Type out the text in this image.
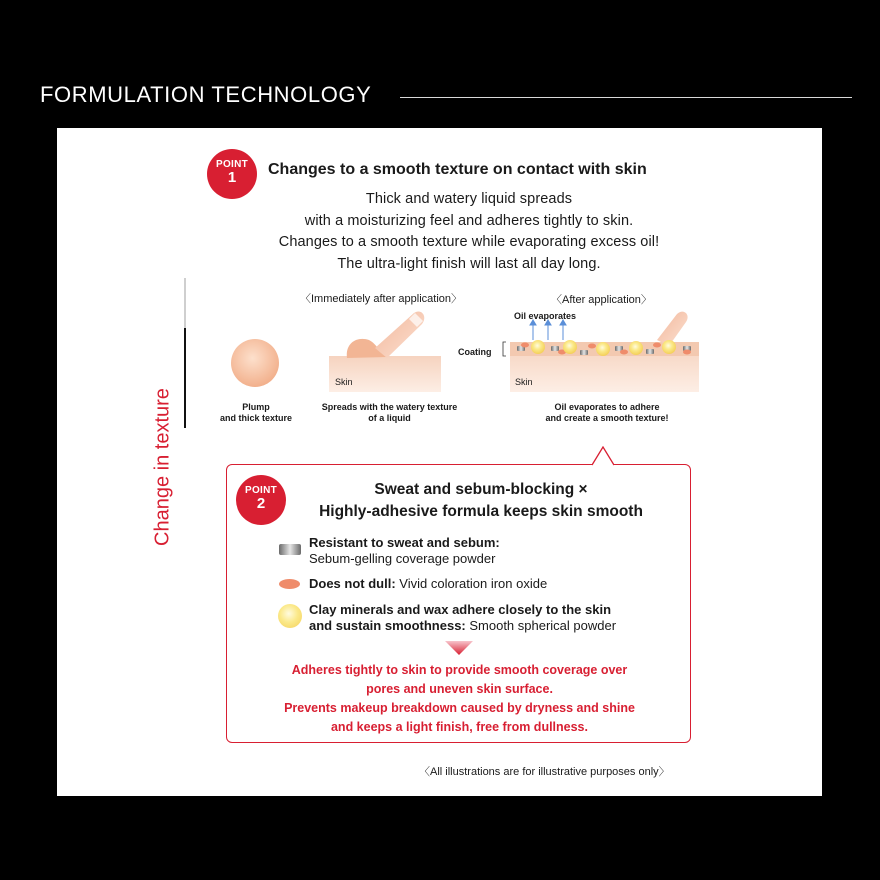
FORMULATION TECHNOLOGY
POINT
1	Changes to a smooth texture on contact with skin
Thick and watery liquid spreads
with a moisturizing feel and adheres tightly to skin.
Changes to a smooth texture while evaporating excess oil!
The ultra-light finish will last all day long.
〈Immediately after application〉	〈After application〉
Skin	Skin
Oil evaporates
Coating
Plump
and thick texture
Spreads with the watery texture
of a liquid
Oil evaporates to adhere
and create a smooth texture!
Change in texture	POINT
2
Sweat and sebum-blocking ×
Highly-adhesive formula keeps skin smooth
Resistant to sweat and sebum:
Sebum-gelling coverage powder
Does not dull: Vivid coloration iron oxide
Clay minerals and wax adhere closely to the skin
and sustain smoothness: Smooth spherical powder
Adheres tightly to skin to provide smooth coverage over
pores and uneven skin surface.
Prevents makeup breakdown caused by dryness and shine
and keeps a light finish, free from dullness.
〈All illustrations are for illustrative purposes only〉
